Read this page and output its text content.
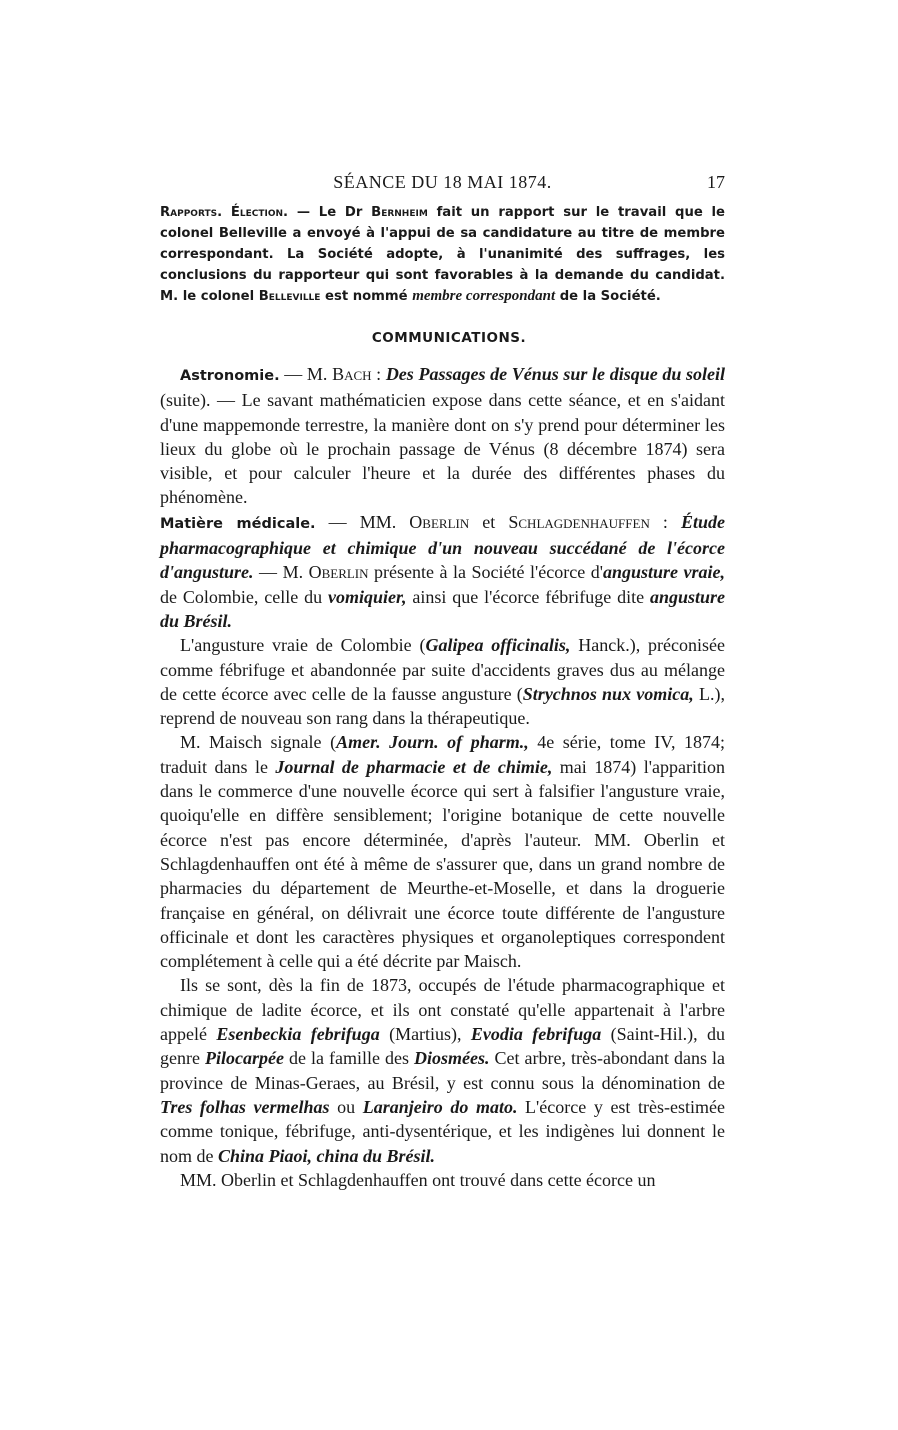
SÉANCE DU 18 MAI 1874.	17
Rapports. Élection. — Le Dr Bernheim fait un rapport sur le travail que le colonel Belleville a envoyé à l'appui de sa candidature au titre de membre correspondant. La Société adopte, à l'unanimité des suffrages, les conclusions du rapporteur qui sont favorables à la demande du candidat. M. le colonel Belleville est nommé membre correspondant de la Société.
COMMUNICATIONS.

Astronomie. — M. Bach : Des Passages de Vénus sur le disque du soleil (suite). — Le savant mathématicien expose dans cette séance, et en s'aidant d'une mappemonde terrestre, la manière dont on s'y prend pour déterminer les lieux du globe où le prochain passage de Vénus (8 décembre 1874) sera visible, et pour calculer l'heure et la durée des différentes phases du phénomène.

Matière médicale. — MM. Oberlin et Schlagdenhauffen : Étude pharmacographique et chimique d'un nouveau succédané de l'écorce d'angusture. — M. Oberlin présente à la Société l'écorce d'angusture vraie, de Colombie, celle du vomiquier, ainsi que l'écorce fébrifuge dite angusture du Brésil.

L'angusture vraie de Colombie (Galipea officinalis, Hanck.), préconisée comme fébrifuge et abandonnée par suite d'accidents graves dus au mélange de cette écorce avec celle de la fausse angusture (Strychnos nux vomica, L.), reprend de nouveau son rang dans la thérapeutique.

M. Maisch signale (Amer. Journ. of pharm., 4e série, tome IV, 1874; traduit dans le Journal de pharmacie et de chimie, mai 1874) l'apparition dans le commerce d'une nouvelle écorce qui sert à falsifier l'angusture vraie, quoiqu'elle en diffère sensiblement; l'origine botanique de cette nouvelle écorce n'est pas encore déterminée, d'après l'auteur. MM. Oberlin et Schlagdenhauffen ont été à même de s'assurer que, dans un grand nombre de pharmacies du département de Meurthe-et-Moselle, et dans la droguerie française en général, on délivrait une écorce toute différente de l'angusture officinale et dont les caractères physiques et organoleptiques correspondent complétement à celle qui a été décrite par Maisch.

Ils se sont, dès la fin de 1873, occupés de l'étude pharmacographique et chimique de ladite écorce, et ils ont constaté qu'elle appartenait à l'arbre appelé Esenbeckia febrifuga (Martius), Evodia febrifuga (Saint-Hil.), du genre Pilocarpée de la famille des Diosmées. Cet arbre, très-abondant dans la province de Minas-Geraes, au Brésil, y est connu sous la dénomination de Tres folhas vermelhas ou Laranjeiro do mato. L'écorce y est très-estimée comme tonique, fébrifuge, anti-dysentérique, et les indigènes lui donnent le nom de China Piaoi, china du Brésil.

MM. Oberlin et Schlagdenhauffen ont trouvé dans cette écorce un
